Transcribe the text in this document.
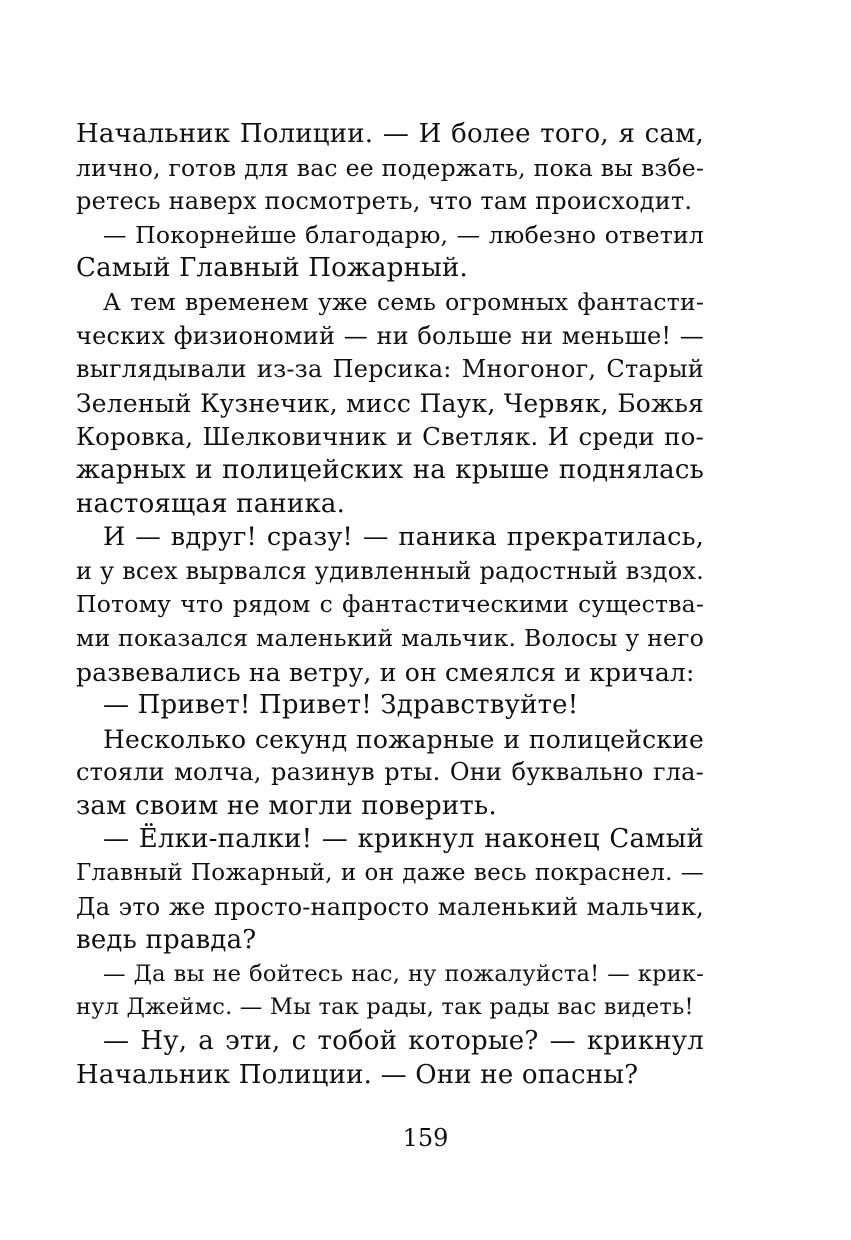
Начальник Полиции. — И более того, я сам,
лично, готов для вас ее подержать, пока вы взбе-
ретесь наверх посмотреть, что там происходит.
— Покорнейше благодарю, — любезно ответил
Самый Главный Пожарный.
А тем временем уже семь огромных фантасти-
ческих физиономий — ни больше ни меньше! —
выглядывали из-за Персика: Многоног, Старый
Зеленый Кузнечик, мисс Паук, Червяк, Божья
Коровка, Шелковичник и Светляк. И среди по-
жарных и полицейских на крыше поднялась
настоящая паника.
И — вдруг! сразу! — паника прекратилась,
и у всех вырвался удивленный радостный вздох.
Потому что рядом с фантастическими существа-
ми показался маленький мальчик. Волосы у него
развевались на ветру, и он смеялся и кричал:
— Привет! Привет! Здравствуйте!
Несколько секунд пожарные и полицейские
стояли молча, разинув рты. Они буквально гла-
зам своим не могли поверить.
— Ёлки-палки! — крикнул наконец Самый
Главный Пожарный, и он даже весь покраснел. —
Да это же просто-напросто маленький мальчик,
ведь правда?
— Да вы не бойтесь нас, ну пожалуйста! — крик-
нул Джеймс. — Мы так рады, так рады вас видеть!
— Ну, а эти, с тобой которые? — крикнул
Начальник Полиции. — Они не опасны?
159
